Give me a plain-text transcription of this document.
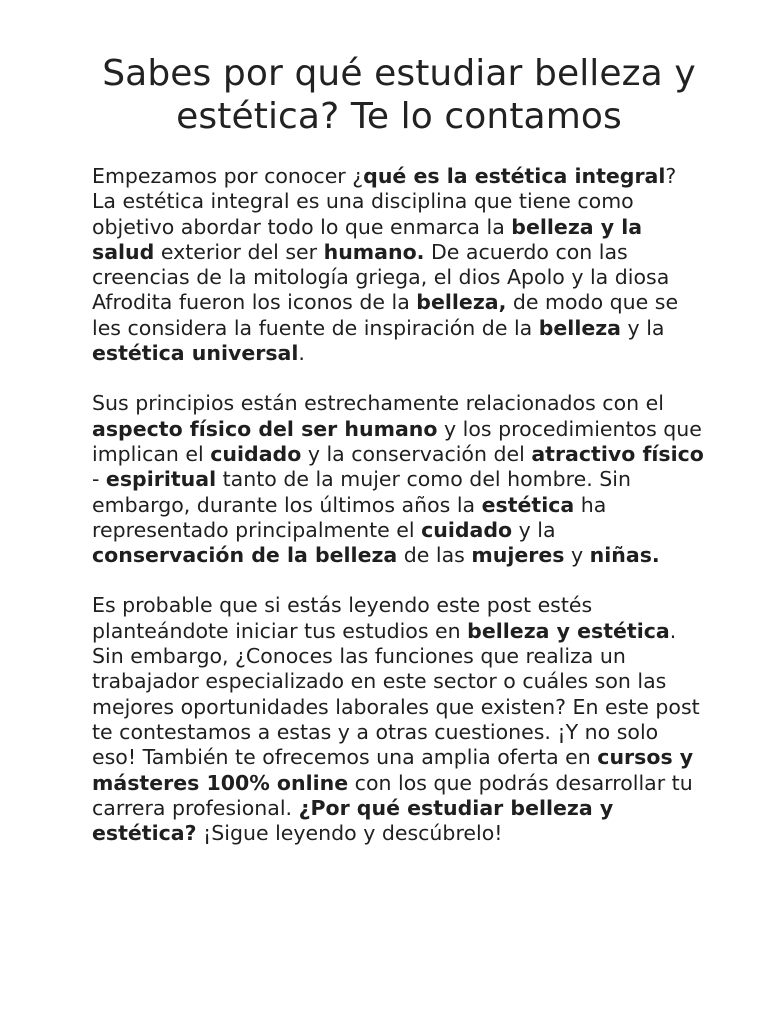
Sabes por qué estudiar belleza y estética? Te lo contamos

Empezamos por conocer ¿qué es la estética integral? La estética integral es una disciplina que tiene como objetivo abordar todo lo que enmarca la belleza y la salud exterior del ser humano. De acuerdo con las creencias de la mitología griega, el dios Apolo y la diosa Afrodita fueron los iconos de la belleza, de modo que se les considera la fuente de inspiración de la belleza y la estética universal.

Sus principios están estrechamente relacionados con el aspecto físico del ser humano y los procedimientos que implican el cuidado y la conservación del atractivo físico - espiritual tanto de la mujer como del hombre. Sin embargo, durante los últimos años la estética ha representado principalmente el cuidado y la conservación de la belleza de las mujeres y niñas.

Es probable que si estás leyendo este post estés planteándote iniciar tus estudios en belleza y estética. Sin embargo, ¿Conoces las funciones que realiza un trabajador especializado en este sector o cuáles son las mejores oportunidades laborales que existen? En este post te contestamos a estas y a otras cuestiones. ¡Y no solo eso! También te ofrecemos una amplia oferta en cursos y másteres 100% online con los que podrás desarrollar tu carrera profesional. ¿Por qué estudiar belleza y estética? ¡Sigue leyendo y descúbrelo!
